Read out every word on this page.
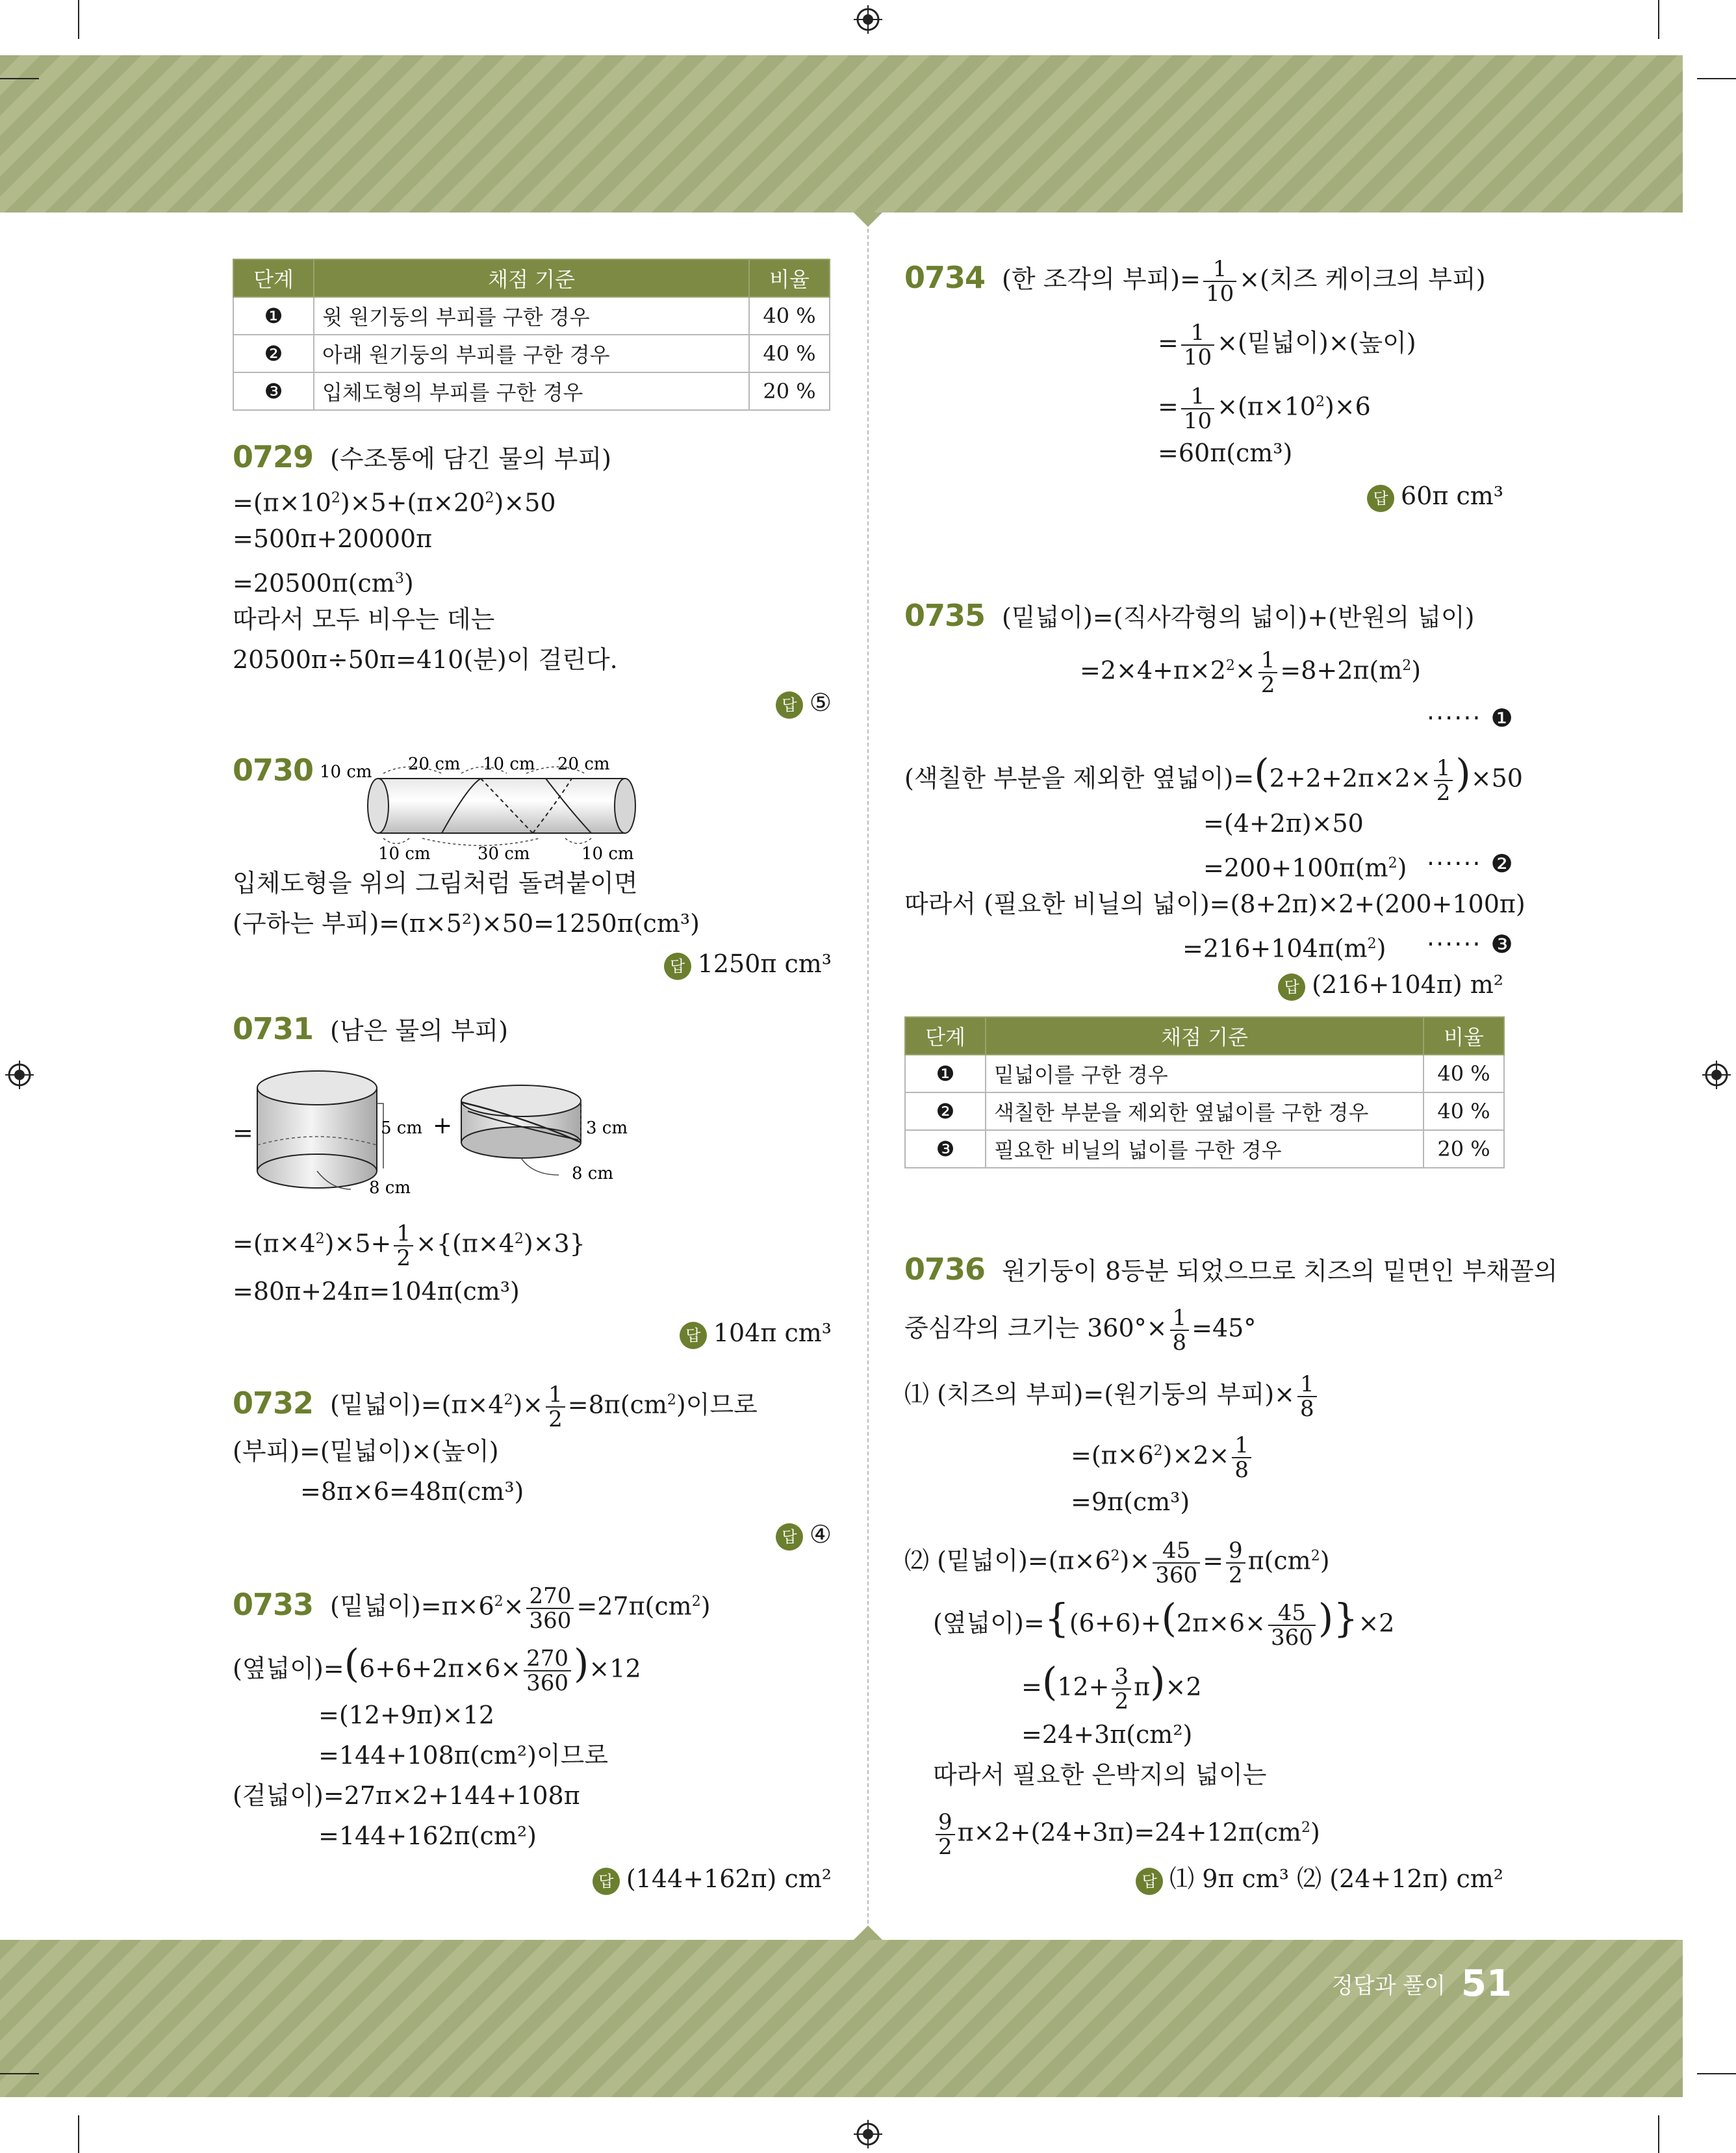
단계	채점 기준	비율
❶	윗 원기둥의 부피를 구한 경우	40 %
❷	아래 원기둥의 부피를 구한 경우	40 %
❸	입체도형의 부피를 구한 경우	20 %
0729 (수조통에 담긴 물의 부피)
$=(\pi\times 10^2)\times 5+(\pi\times 20^2)\times 50$
=500π+20000π
$=20500\pi(cm^3)$
따라서 모두 비우는 데는
20500π÷50π=410(분)이 걸린다.
답 ⑤
0730 10 cm 20 cm 10 cm 20 cm
10 cm	30 cm	10 cm
입체도형을 위의 그림처럼 돌려붙이면
(구하는 부피)=(π×5²)×50=1250π(cm³)
답 1250π cm³
0731 (남은 물의 부피)
=	5 cm
8 cm
+	3 cm
8 cm
$=(\pi\times 4^2)\times 5+ \frac{1}{2} \times\{(\pi\times 4^2)\times 3\}$
=80π+24π=104π(cm³)
답 104π cm³
0732 (밑넓이)$=(\pi\times 4^2)\times \frac{1}{2} =8\pi(cm^2)$이므로
(부피)=(밑넓이)×(높이)
=8π×6=48π(cm³)
답 ④
0733 (밑넓이)$=\pi\times 6^2\times \frac{270}{360} =27\pi(cm^2)$
(옆넓이)$=(6+6+2\pi\times 6\times \frac{270}{360} )\times 12$
=(12+9π)×12
=144+108π(cm²)이므로
(겉넓이)=27π×2+144+108π
=144+162π(cm²)
답 (144+162π) cm²
0734 (한 조각의 부피)= $\frac{1}{10}$ ×(치즈 케이크의 부피)
= $\frac{1}{10}$ ×(밑넓이)×(높이)
= $\frac{1}{10} \times(\pi\times 10^2)\times 6$
=60π(cm³)
답 60π cm³
0735 (밑넓이)=(직사각형의 넓이)+(반원의 넓이)
$=2\times 4+\pi\times 2^2\times \frac{1}{2} =8+2\pi(m^2)$
······ ❶
(색칠한 부분을 제외한 옆넓이)$=(2+2+2\pi\times 2\times \frac{1}{2} )\times 50$
=(4+2π)×50
$=200+100\pi(m^2)$ ······ ❷
따라서 (필요한 비닐의 넓이)=(8+2π)×2+(200+100π)
$=216+104\pi(m^2)$ ······ ❸
답 (216+104π) m²
단계	채점 기준	비율
❶	밑넓이를 구한 경우	40 %
❷	색칠한 부분을 제외한 옆넓이를 구한 경우	40 %
❸	필요한 비닐의 넓이를 구한 경우	20 %
0736 원기둥이 8등분 되었으므로 치즈의 밑면인 부채꼴의
중심각의 크기는 $360^\circ\times \frac{1}{8} =45^\circ$
⑴ (치즈의 부피)=(원기둥의 부피)× $\frac{1}{8}$
$=(\pi\times 6^2)\times 2\times \frac{1}{8}$
=9π(cm³)
⑵ (밑넓이)$=(\pi\times 6^2)\times \frac{45}{360} = \frac{9}{2} \pi(cm^2)$
(옆넓이)$=\{(6+6)+(2\pi\times 6\times \frac{45}{360} )\}\times 2$
$=(12+ \frac{3}{2} \pi)\times 2$
=24+3π(cm²)
따라서 필요한 은박지의 넓이는
$\frac{9}{2} \pi\times 2+(24+3\pi)=24+12\pi(cm^2)$
답 ⑴ 9π cm³ ⑵ (24+12π) cm²
정답과 풀이 51
